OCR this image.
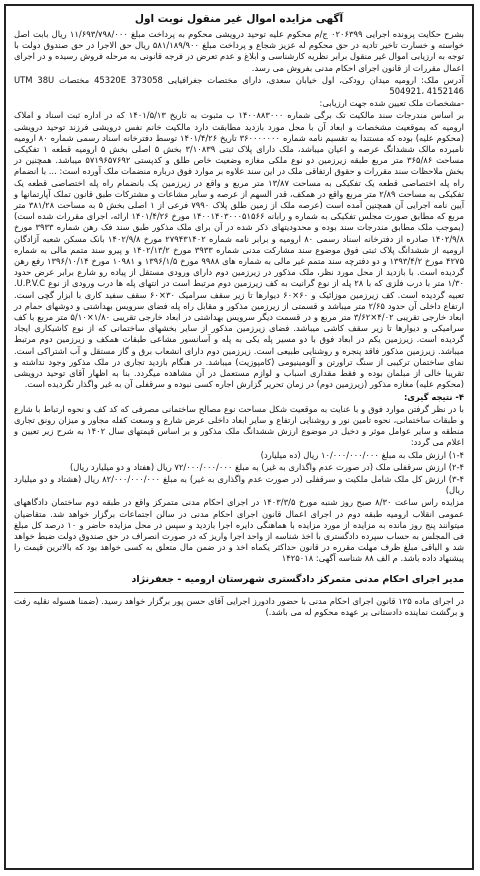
آگهی مزایده اموال غیر منقول نوبت اول

بشرح حکایت پرونده اجرایی ۰۲۰۶۳۹۹ ج/م محکوم علیه توحید درویشی محکوم به پرداخت مبلغ ۱۱/۶۹۳/۷۹۸/۰۰۰ ریال بابت اصل خواسته و خسارت تاخیر تادیه در حق محکوم له عزیز شجاع و پرداخت مبلغ ۵۸۱/۱۸۹/۹۰۰ ریال حق الاجرا در حق صندوق دولت با توجه به ارزیابی اموال غیر منقول برابر نظریه کارشناسی و ابلاغ و عدم تعرض در فرجه قانونی به مرحله فروش رسیده و در اجرای اعمال مقررات از قانون اجرای احکام مدنی بفروش می رسد.

آدرس ملک: ارومیه میدان رودکی، اول خیابان سعدی، دارای مختصات جغرافیایی 45320E 373058 مختصات UTM 38U 504921، 4152146

-مشخصات ملک تعیین شده جهت ارزیابی:

بر اساس مندرجات سند مالکیت تک برگی شماره ۱۴۰۰۸۸۳۰۰۰ ب مثبوت به تاریخ ۱۴۰۱/۵/۱۳ که در اداره ثبت اسناد و املاک ارومیه که بموقعیت مشخصات و ابعاد آن با محل مورد بازدید مطابقت دارد مالکیت خانم نفس درویشی فرزند توحید درویشی (محکوم علیه) بوده که مستندا به تقسیم نامه شماره ۳۶۰۰۰۰۰۰۰ تاریخ ۱۴۰۱/۴/۲۶ توسط دفترخانه اسناد رسمی شماره ۸۰ ارومیه نامبرده مالک ششدانگ عرصه و اعیان میباشد، ملک دارای پلاک ثبتی ۳/۱۰۸۳۹ بخش ۵ اصلی بخش ۵ ارومیه قطعه ۱ تفکیکی مساحت ۳۶۵/۸۶ متر مربع طبقه زیرزمین دو نوع ملکی مغازه وضعیت خاص طلق و کدپستی ۵۷۱۹۶۵۷۶۹۲ میباشد. همچنین در بخش ملاحظات سند مقررات و حقوق ارتفاقی ملک در این سند علاوه بر موارد فوق درباره منضمات ملک آورده است: ... با انضمام راه پله اختصاصی قطعه یک تفکیکی به مساحت ۱۳/۸۷ متر مربع و واقع در زیرزمین یک بانضمام راه پله اختصاصی قطعه یک تفکیکی به مساحت ۲/۸۹ متر مربع واقع در همکف، قدر السهم از عرصه و سایر مشاعات و مشترکات طبق قانون تملک آپارتمانها و آیین نامه اجرایی آن همچنین آمده است (عرصه ملک از زمین طلق پلاک ۷۹۹۰ فرعی از ۱ اصلی بخش ۵ به مساحت ۳۸۱/۲۸ متر مربع که مطابق صورت مجلس تفکیکی به شماره و رابانه ۱۴۰۰۱۴۰۳۰۰۰۵۱۵۶۶ مورخ ۱۴۰۱/۴/۲۶ ارائه، اجرای مقررات شده است) (بموجب ملک مطابق مندرجات سند بوده و محدودیتهای ذکر شده در آن برای ملک مذکور طبق سند فک رهن شماره ۳۹۳۳ مورخ ۱۴۰۲/۹/۸ صادره از دفترخانه اسناد رسمی ۸۰ ارومیه و برابر نامه شماره ۲۷۹۴۳۱۴۰۲ مورخ ۱۴۰۲/۹/۸ بانک مسکن شعبه آزادگان ارومیه از ششدانگ پلاک ثبتی فوق موضوع سند مشارکت مدنی شماره ۳۹۳۳ مورخ ۱۴۰۲/۱۳/۲ و پیرو سند متمم مالی به شماره ۴۲۷۵ مورخ ۱۳۹۳/۴/۲ و دو دفترچه سند متمم غیر مالی به شماره های ۹۹۸۸ مورخ ۱۳۹۶/۱/۵ و ۱۰۹۸۱ مورخ ۱۳۹۶/۱۰/۱۴ رفع رهن گردیده است. با بازدید از محل مورد نظر، ملک مذکور در زیرزمین دوم دارای ورودی مستقل از پیاده رو شارع برابر عرض حدود ۱/۳۰ متر با درب فلزی که با ۲۸ پله از نوع گرانیت به کف زیرزمین دوم مرتبط است در انتهای پله ها درب ورودی از نوع U.P.V.C. تعبیه گردیده است. کف زیرزمین موزائیک و ۶۰×۶۰ دیوارها تا زیر سقف سرامیک ۳۰×۶۰ سقف سفید کاری با ابزار گچی است. ارتفاع داخلی آن حدود ۲/۶۵ متر میباشد و قسمتی از زیرزمین مذکور و مقابل راه پله فضای سرویس بهداشتی و دوشهای حمام در ابعاد خارجی تقریبی ۴/۰۲×۳/۶۲ متر مربع و در قسمت دیگر سرویس بهداشتی در ابعاد خارجی تقریبی ۱/۸۰×۵/۱۰ متر مربع با کف سرامیکی و دیوارها تا زیر سقف کاشی میباشد. فضای زیرزمین مذکور از سایر بخشهای ساختمانی که از نوع کاشیکاری ایجاد گردیده است. زیرزمین یکم در ابعاد فوق با دو مسیر پله یکی به پله و آسانسور مشاعی طبقات همکف و زیرزمین دوم مرتبط میباشد. زیرزمین مذکور فاقد پنجره و روشنایی طبیعی است. زیرزمین دوم دارای انشعاب برق و گاز مستقل و آب اشتراکی است. نمای ساختمان ترکیبی از سنگ تراورتن و آلومینیومی (کامپوزیت) میباشد. در هنگام بازدید تجاری در ملک مذکور وجود نداشته و تقریبا خالی از مبلمان بوده و فقط مقداری اسباب و لوازم مستعمل در آن مشاهده میگردد. بنا به اظهار آقای توحید درویشی (محکوم علیه) مغازه مذکور (زیرزمین دوم) در زمان تحریر گزارش اجاره کسی نبوده و سرقفلی آن به غیر واگذار نگردیده است.

۴- نتیجه گیری:

با در نظر گرفتن موارد فوق و با عنایت به موقعیت شکل مساحت نوع مصالح ساختمانی مصرفی که کد کف و نحوه ارتباط با شارع و طبقات ساختمانی، نحوه تامین نور و روشنایی ارتفاع و سایر ابعاد داخلی عرض شارع و وسعت کفله مجاور و میزان رونق تجاری منطقه و سایر عوامل موثر و دخیل در موضوع ارزش ششدانگ ملک مذکور و بر اساس قیمتهای سال ۱۴۰۲ به شرح زیر تعیین و اعلام می گردد:

۱-۴) ارزش ملک به مبلغ ۱۰/۰۰۰/۰۰۰/۰۰۰ ریال (ده میلیارد)

۲-۴) ارزش سرقفلی ملک (در صورت عدم واگذاری به غیر) به مبلغ ۷۲/۰۰۰/۰۰۰/۰۰۰ ریال (هفتاد و دو میلیارد ریال)

۳-۴) ارزش کل ملک شامل ملکیت و سرقفلی (در صورت عدم واگذاری به غیر) به مبلغ ۸۲/۰۰۰/۰۰۰/۰۰۰ ریال (هشتاد و دو میلیارد ریال)

مزایده راس ساعت ۸/۳۰ صبح روز شنبه مورخ ۱۴۰۳/۳/۵ در اجرای احکام مدنی متمرکز واقع در طبقه دوم ساختمان دادگاههای عمومی انقلاب ارومیه طبقه دوم در اجرای اعمال قانون اجرای احکام مدنی در سالن اجتماعات برگزار خواهد شد. متقاضیان میتوانند پنج روز مانده به مزایده از مورد مزایده با هماهنگی دایره اجرا بازدید و سپس در محل مزایده حاضر و ۱۰ درصد کل مبلغ فی المجلس به حساب سپرده دادگستری با اخذ شناسه از واحد اجرا واریز که در صورت انصراف در حق صندوق دولت ضبط خواهد شد و الباقی مبلغ ظرف مهلت مقرره در قانون حداکثر یکماه اخذ و در ضمن مال متعلق به کسی خواهد بود که بالاترین قیمت را پیشنهاد داده باشد. م الف ۸۸ شناسه آگهی: ۱۴۲۵۰۱۸

مدیر اجرای احکام مدنی متمرکز دادگستری شهرستان ارومیه - جعفرنژاد

در اجرای ماده ۱۲۵ قانون اجرای احکام مدنی با حضور دادورز اجرایی آقای حسن پور برگزار خواهد رسید. (ضمنا هسوله نقلیه رفت و برگشت نماینده دادستانی بر عهده محکوم له می باشد.)
